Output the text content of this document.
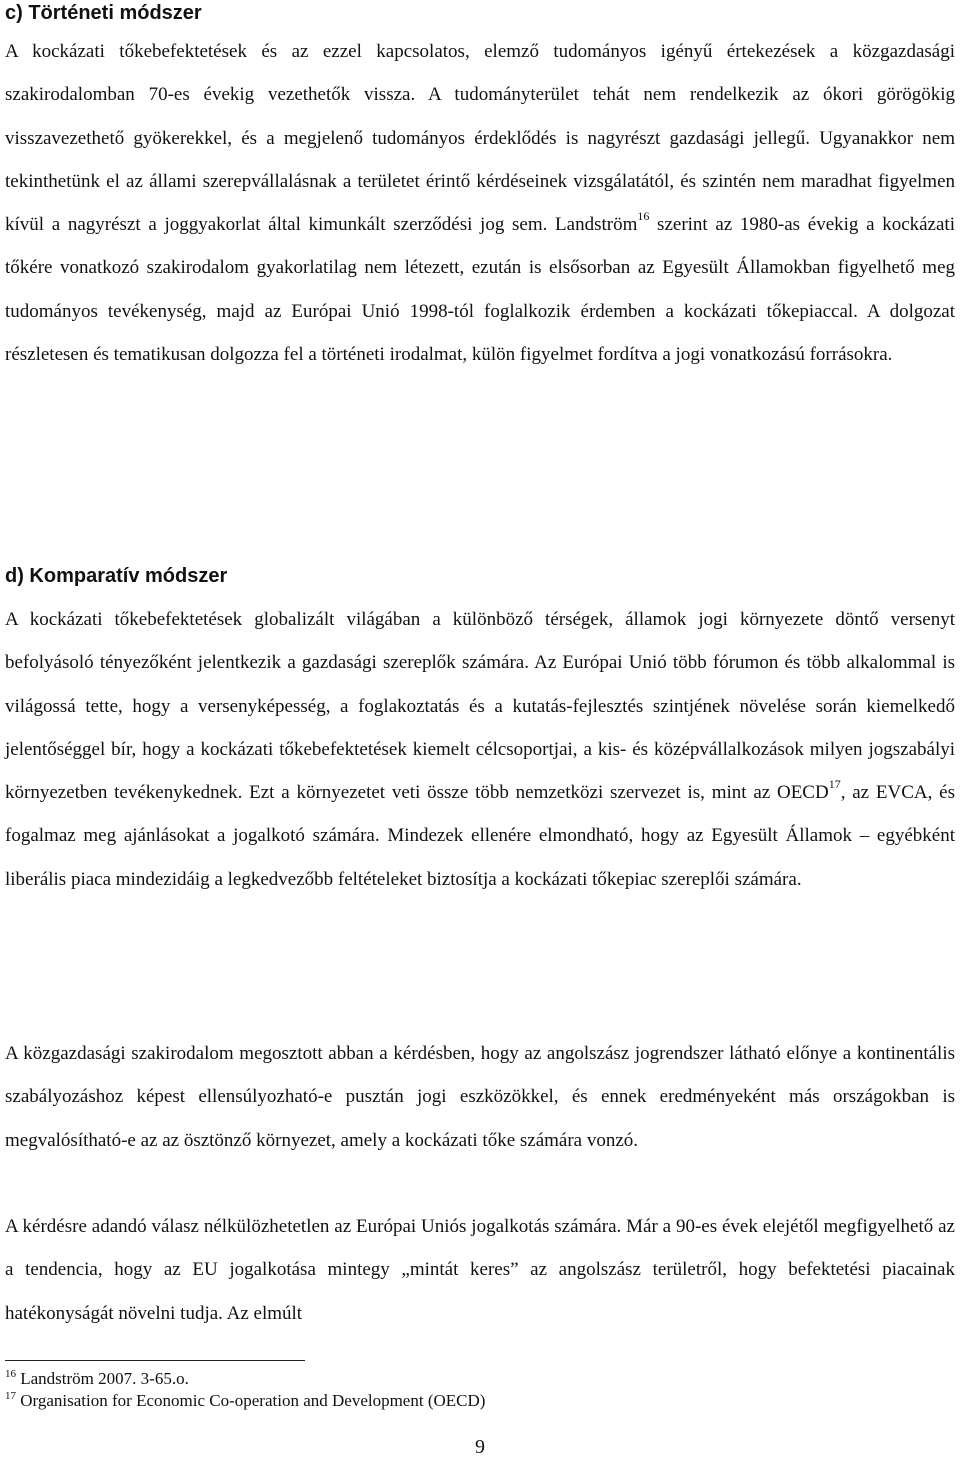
c) Történeti módszer

A kockázati tőkebefektetések és az ezzel kapcsolatos, elemző tudományos igényű értekezések a közgazdasági szakirodalomban 70-es évekig vezethetők vissza. A tudományterület tehát nem rendelkezik az ókori görögökig visszavezethető gyökerekkel, és a megjelenő tudományos érdeklődés is nagyrészt gazdasági jellegű. Ugyanakkor nem tekinthetünk el az állami szerepvállalásnak a területet érintő kérdéseinek vizsgálatától, és szintén nem maradhat figyelmen kívül a nagyrészt a joggyakorlat által kimunkált szerződési jog sem. Landström$^{16}$ szerint az 1980-as évekig a kockázati tőkére vonatkozó szakirodalom gyakorlatilag nem létezett, ezután is elsősorban az Egyesült Államokban figyelhető meg tudományos tevékenység, majd az Európai Unió 1998-tól foglalkozik érdemben a kockázati tőkepiaccal. A dolgozat részletesen és tematikusan dolgozza fel a történeti irodalmat, külön figyelmet fordítva a jogi vonatkozású forrásokra.

d) Komparatív módszer

A kockázati tőkebefektetések globalizált világában a különböző térségek, államok jogi környezete döntő versenyt befolyásoló tényezőként jelentkezik a gazdasági szereplők számára. Az Európai Unió több fórumon és több alkalommal is világossá tette, hogy a versenyképesség, a foglakoztatás és a kutatás-fejlesztés szintjének növelése során kiemelkedő jelentőséggel bír, hogy a kockázati tőkebefektetések kiemelt célcsoportjai, a kis- és középvállalkozások milyen jogszabályi környezetben tevékenykednek. Ezt a környezetet veti össze több nemzetközi szervezet is, mint az OECD$^{17}$, az EVCA, és fogalmaz meg ajánlásokat a jogalkotó számára. Mindezek ellenére elmondható, hogy az Egyesült Államok – egyébként liberális piaca mindezidáig a legkedvezőbb feltételeket biztosítja a kockázati tőkepiac szereplői számára.

A közgazdasági szakirodalom megosztott abban a kérdésben, hogy az angolszász jogrendszer látható előnye a kontinentális szabályozáshoz képest ellensúlyozható-e pusztán jogi eszközökkel, és ennek eredményeként más országokban is megvalósítható-e az az ösztönző környezet, amely a kockázati tőke számára vonzó.

A kérdésre adandó válasz nélkülözhetetlen az Európai Uniós jogalkotás számára. Már a 90-es évek elejétől megfigyelhető az a tendencia, hogy az EU jogalkotása mintegy „mintát keres” az angolszász területről, hogy befektetési piacainak hatékonyságát növelni tudja. Az elmúlt

$^{16}$ Landström 2007. 3-65.o.
$^{17}$ Organisation for Economic Co-operation and Development (OECD)
9
